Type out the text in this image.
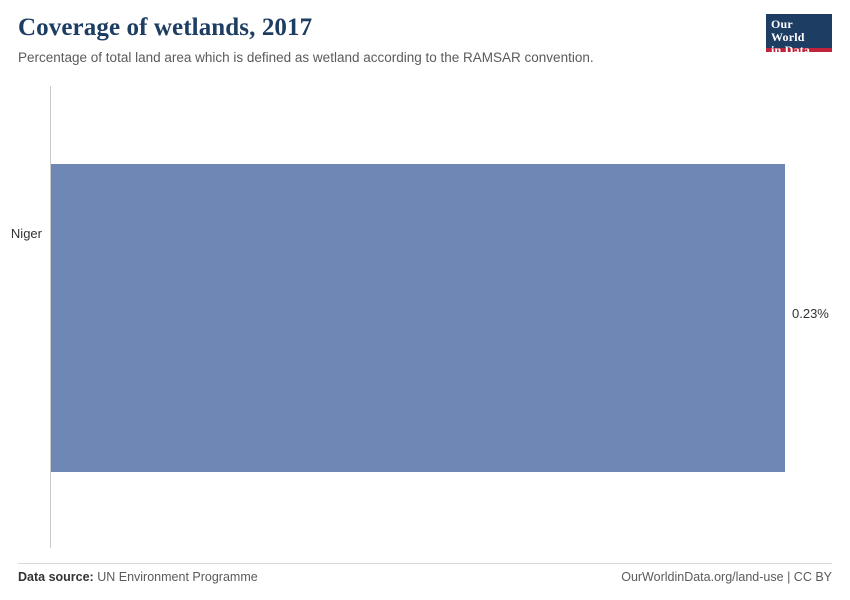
Coverage of wetlands, 2017
Percentage of total land area which is defined as wetland according to the RAMSAR convention.
Our World
in Data
Niger
0.23%
Data source: UN Environment Programme	OurWorldinData.org/land-use | CC BY
